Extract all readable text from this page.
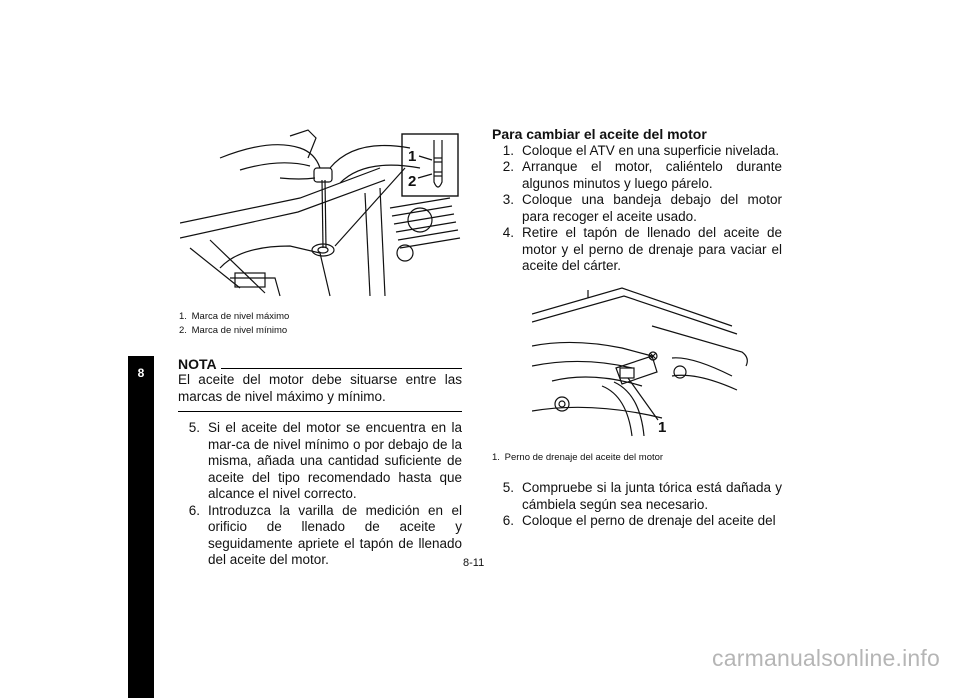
8
1
2
1. Marca de nivel máximo
2. Marca de nivel mínimo
NOTA
El aceite del motor debe situarse entre las marcas de nivel máximo y mínimo.
5. Si el aceite del motor se encuentra en la mar-ca de nivel mínimo o por debajo de la misma, añada una cantidad suficiente de aceite del tipo recomendado hasta que alcance el nivel correcto.
6. Introduzca la varilla de medición en el orificio de llenado de aceite y seguidamente apriete el tapón de llenado del aceite del motor.
Para cambiar el aceite del motor
1. Coloque el ATV en una superficie nivelada.
2. Arranque el motor, caliéntelo durante algunos minutos y luego párelo.
3. Coloque una bandeja debajo del motor para recoger el aceite usado.
4. Retire el tapón de llenado del aceite de motor y el perno de drenaje para vaciar el aceite del cárter.
1
1. Perno de drenaje del aceite del motor
5. Compruebe si la junta tórica está dañada y cámbiela según sea necesario.
6. Coloque el perno de drenaje del aceite del
8-11
carmanualsonline.info
